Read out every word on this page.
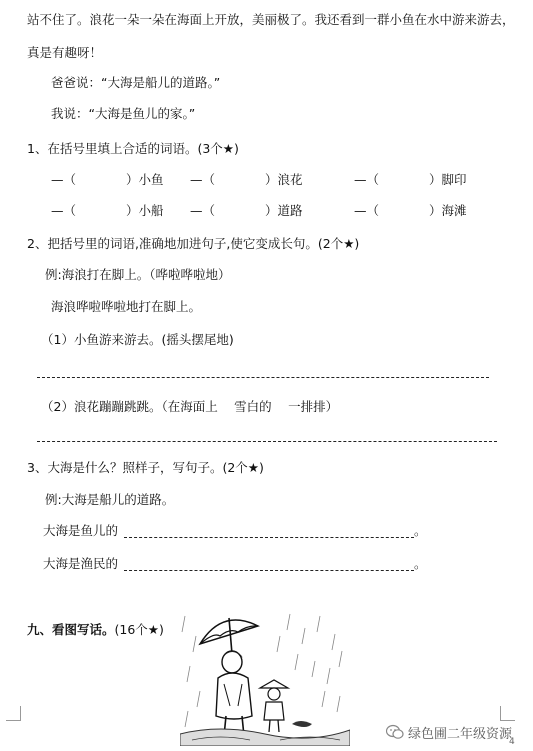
站不住了。浪花一朵一朵在海面上开放，美丽极了。我还看到一群小鱼在水中游来游去，
真是有趣呀！
爸爸说：“大海是船儿的道路。”
我说：“大海是鱼儿的家。”
1、在括号里填上合适的词语。(3个★)
—（　　　　）小鱼 —（　　　　）浪花	—（　　　　）脚印
—（　　　　）小船 —（　　　　）道路	—（　　　　）海滩
2、把括号里的词语,准确地加进句子,使它变成长句。(2个★)
例:海浪打在脚上。（哗啦哗啦地）
海浪哗啦哗啦地打在脚上。
（1）小鱼游来游去。(摇头摆尾地)
（2）浪花蹦蹦跳跳。（在海面上　 雪白的　 一排排）
3、大海是什么？照样子，写句子。(2个★)
例:大海是船儿的道路。
大海是鱼儿的	。
大海是渔民的	。
九、看图写话。(16个★)
绿色圃二年级资源
4
